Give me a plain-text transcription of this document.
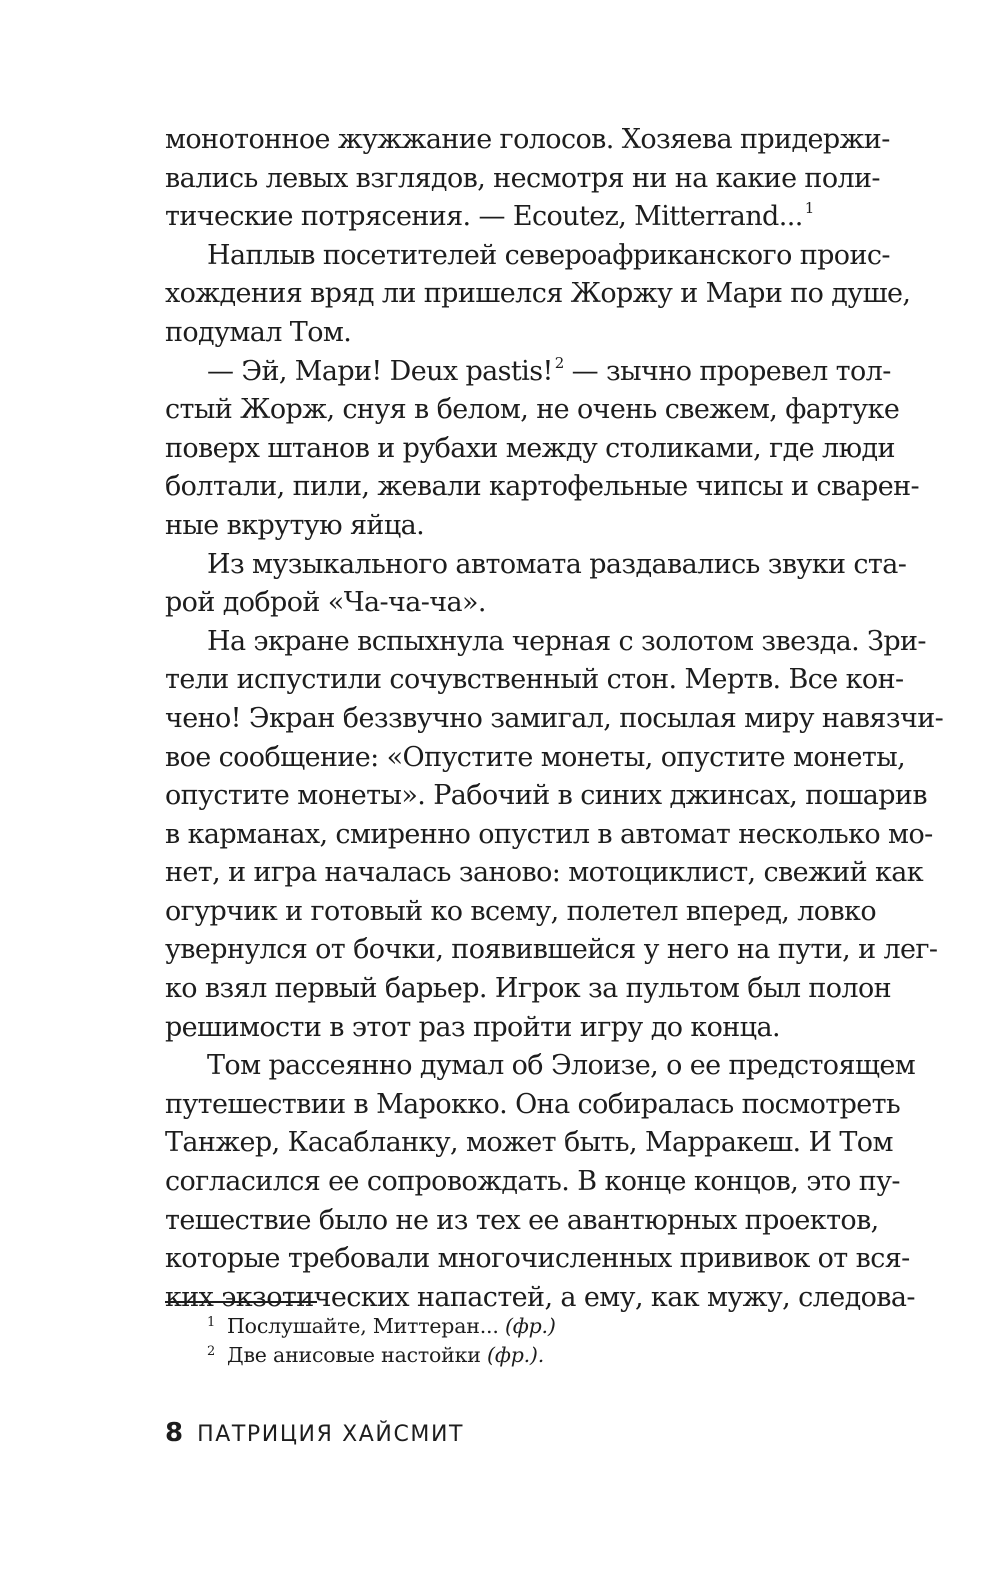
монотонное жужжание голосов. Хозяева придержи-
вались левых взглядов, несмотря ни на какие поли-
тические потрясения. — Ecoutez, Mitterrand... $^1$
Наплыв посетителей североафриканского проис-
хождения вряд ли пришелся Жоржу и Мари по душе,
подумал Том.
— Эй, Мари! Deux pastis! $^2$ — зычно проревел тол-
стый Жорж, снуя в белом, не очень свежем, фартуке
поверх штанов и рубахи между столиками, где люди
болтали, пили, жевали картофельные чипсы и сварен-
ные вкрутую яйца.
Из музыкального автомата раздавались звуки ста-
рой доброй «Ча-ча-ча».
На экране вспыхнула черная с золотом звезда. Зри-
тели испустили сочувственный стон. Мертв. Все кон-
чено! Экран беззвучно замигал, посылая миру навязчи-
вое сообщение: «Опустите монеты, опустите монеты,
опустите монеты». Рабочий в синих джинсах, пошарив
в карманах, смиренно опустил в автомат несколько мо-
нет, и игра началась заново: мотоциклист, свежий как
огурчик и готовый ко всему, полетел вперед, ловко
увернулся от бочки, появившейся у него на пути, и лег-
ко взял первый барьер. Игрок за пультом был полон
решимости в этот раз пройти игру до конца.
Том рассеянно думал об Элоизе, о ее предстоящем
путешествии в Марокко. Она собиралась посмотреть
Танжер, Касабланку, может быть, Марракеш. И Том
согласился ее сопровождать. В конце концов, это пу-
тешествие было не из тех ее авантюрных проектов,
которые требовали многочисленных прививок от вся-
ких экзотических напастей, а ему, как мужу, следова-
1 Послушайте, Миттеран... (фр.)
2 Две анисовые настойки (фр.).
8 ПАТРИЦИЯ ХАЙСМИТ
